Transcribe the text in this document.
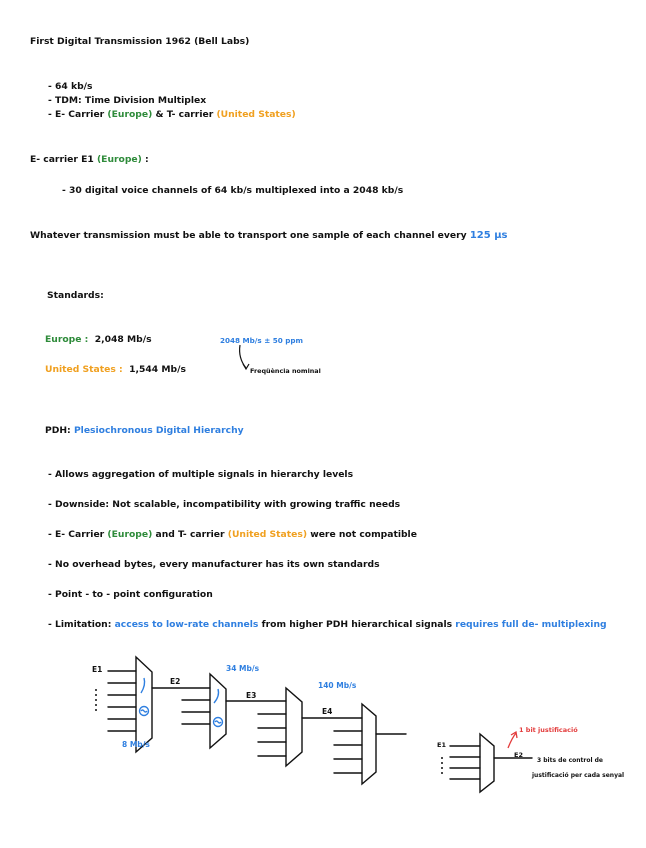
First Digital Transmission 1962 (Bell Labs)
- 64 kb/s
- TDM: Time Division Multiplex
- E- Carrier (Europe) & T- carrier (United States)
E- carrier E1 (Europe) :
- 30 digital voice channels of 64 kb/s multiplexed into a 2048 kb/s
Whatever transmission must be able to transport one sample of each channel every 125 μs
Standards:
Europe : 2,048 Mb/s	2048 Mb/s ± 50 ppm
United States : 1,544 Mb/s	Freqüència nominal
PDH: Plesiochronous Digital Hierarchy
- Allows aggregation of multiple signals in hierarchy levels
- Downside: Not scalable, incompatibility with growing traffic needs
- E- Carrier (Europe) and T- carrier (United States) were not compatible
- No overhead bytes, every manufacturer has its own standards
- Point - to - point configuration
- Limitation: access to low-rate channels from higher PDH hierarchical signals requires full de- multiplexing
E1
E2
E3
E4
8 Mb/s
34 Mb/s
140 Mb/s
E1
E2
1 bit justificació
3 bits de control de
justificació per cada senyal
